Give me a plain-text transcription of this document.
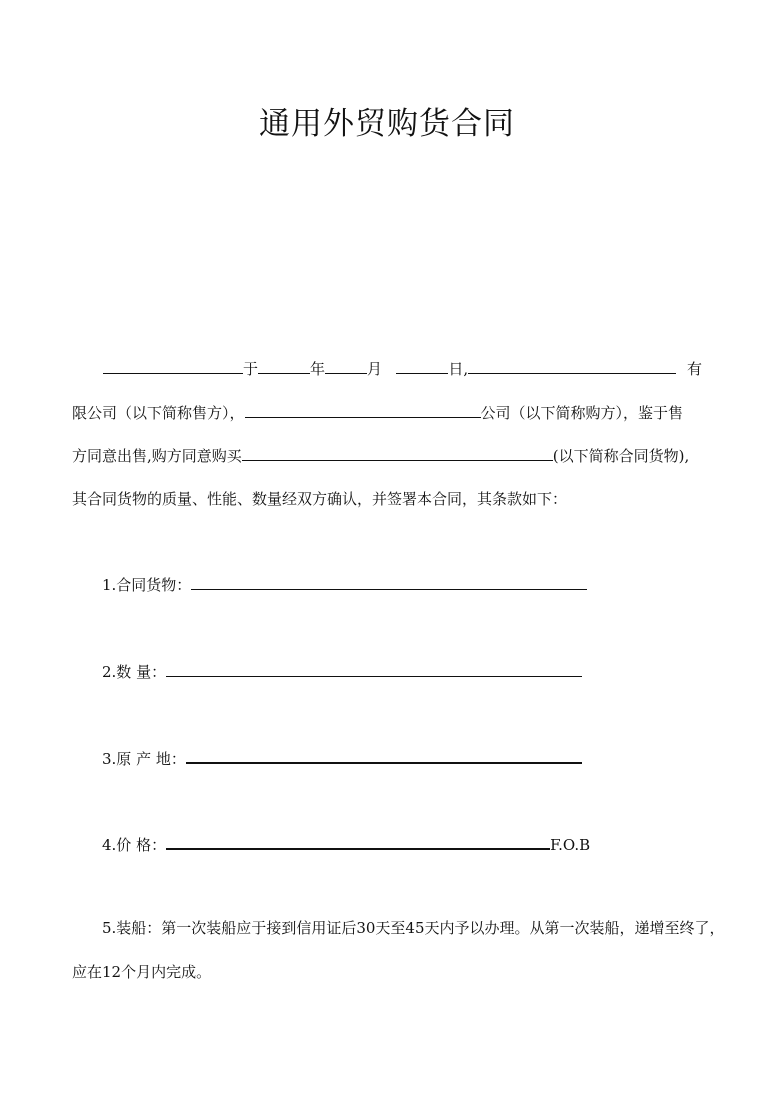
通用外贸购货合同
于	年	月	日,	有
限公司（以下简称售方），	公司（以下简称购方），鉴于售
方同意出售,购方同意购买	(以下简称合同货物),
其合同货物的质量、性能、数量经双方确认，并签署本合同，其条款如下：
1.合同货物：
2.数 量：
3.原 产 地：
4.价 格：	F.O.B
5.装船：第一次装船应于接到信用证后30天至45天内予以办理。从第一次装船，递增至终了，
应在12个月内完成。
